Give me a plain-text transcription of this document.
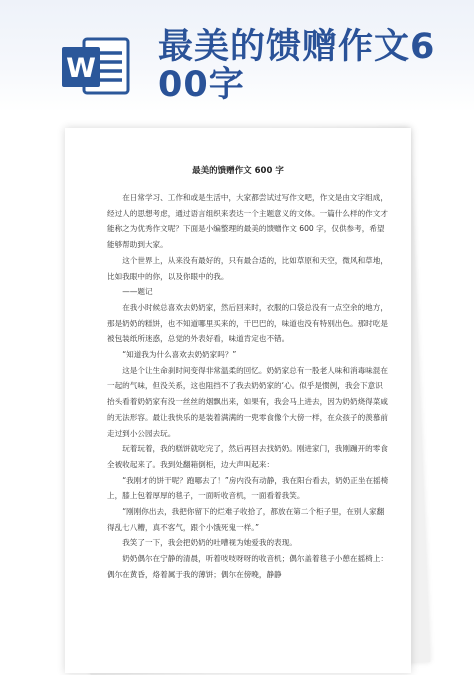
W
最美的馈赠作文6
00字
最美的馈赠作文 600 字

在日常学习、工作和或是生活中，大家都尝试过写作文吧，作文是由文字组成，经过人的思想考虑，通过语言组织来表达一个主题意义的文体。一篇什么样的作文才能称之为优秀作文呢？下面是小编整理的最美的馈赠作文 600 字，仅供参考，希望能够帮助到大家。

这个世界上，从来没有最好的，只有最合适的，比如草原和天空，微风和草地，比如我眼中的你，以及你眼中的我。

——题记

在我小时候总喜欢去奶奶家，然后回来时，衣服的口袋总没有一点空余的地方，那是奶奶的糕饼，也不知道哪里买来的，干巴巴的，味道也没有特别出色。那时吃是被包装纸所迷惑，总觉的外表好看，味道肯定也不错。

“知道我为什么喜欢去奶奶家吗？”

这是个让生命刹时间变得非常温柔的回忆。奶奶家总有一股老人味和消毒味混在一起的气味，但没关系，这也阻挡不了我去奶奶家的‘心。似乎是惯例，我会下意识抬头看着奶奶家有没一丝丝的烟飘出来，如果有，我会马上进去，因为奶奶烧得菜咸的无法形容。最让我快乐的是装着满满的一兜零食像个大傍一样，在众孩子的羡慕前走过到小公园去玩。

玩着玩着，我的糕饼就吃完了，然后再回去找奶奶。刚进家门，我刚蹦开的零食全被收起来了。我到处翻箱倒柜，边大声叫起来：

“我刚才的饼干呢？跑哪去了！”房内没有动静，我在阳台看去，奶奶正坐在摇椅上，膝上包着厚厚的毯子，一面听收音机，一面看着我笑。

“刚刚你出去，我把你留下的烂难子收拾了，都放在第二个柜子里，在别人家翻得乱七八糟，真不客气，跟个小饿死鬼一样。”

我笑了一下，我会把奶奶的吐嘈视为她爱我的表现。

奶奶偶尔在宁静的清晨，听着吱吱呀呀的收音机；偶尔盖着毯子小憩在摇椅上：偶尔在黄昏，烙着属于我的薄饼；偶尔在傍晚，静静
